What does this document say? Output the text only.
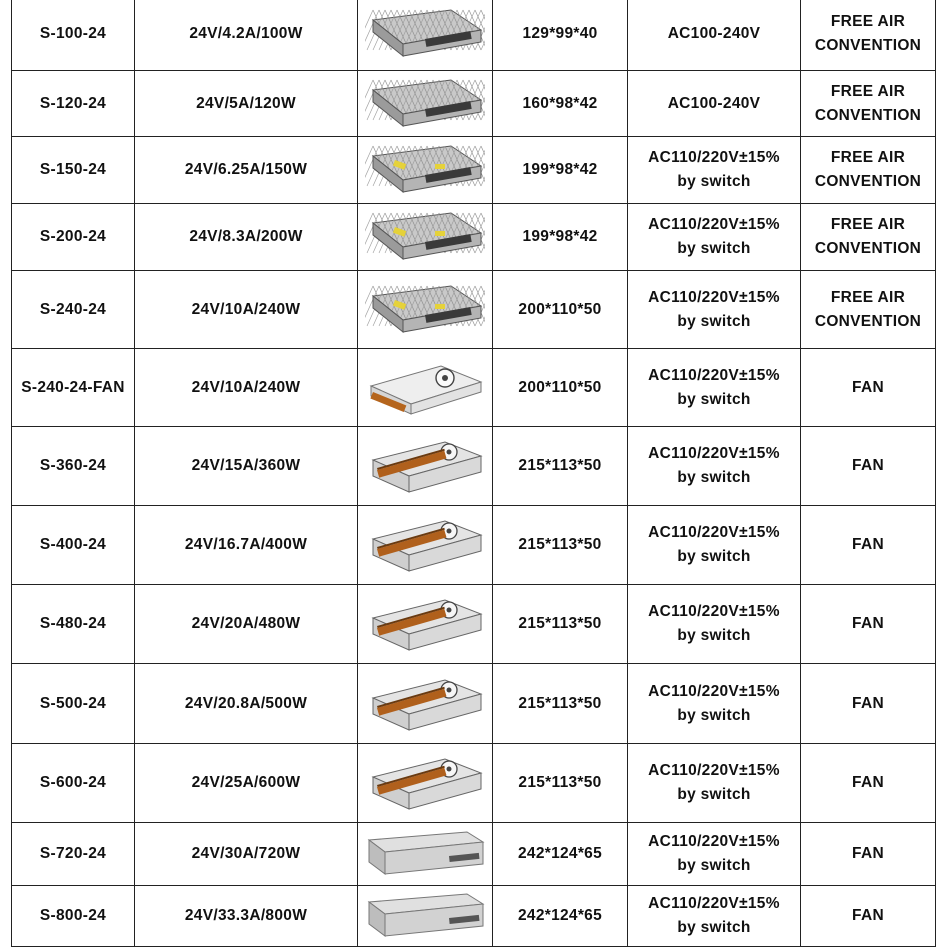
S-100-24	24V/4.2A/100W		129*99*40	AC100-240V	FREE AIR
CONVENTION

S-120-24	24V/5A/120W		160*98*42	AC100-240V	FREE AIR
CONVENTION

S-150-24	24V/6.25A/150W		199*98*42	AC110/220V±15%
by switch	FREE AIR
CONVENTION

S-200-24	24V/8.3A/200W		199*98*42	AC110/220V±15%
by switch	FREE AIR
CONVENTION

S-240-24	24V/10A/240W		200*110*50	AC110/220V±15%
by switch	FREE AIR
CONVENTION

S-240-24-FAN	24V/10A/240W		200*110*50	AC110/220V±15%
by switch	FAN

S-360-24	24V/15A/360W		215*113*50	AC110/220V±15%
by switch	FAN

S-400-24	24V/16.7A/400W		215*113*50	AC110/220V±15%
by switch	FAN

S-480-24	24V/20A/480W		215*113*50	AC110/220V±15%
by switch	FAN

S-500-24	24V/20.8A/500W		215*113*50	AC110/220V±15%
by switch	FAN

S-600-24	24V/25A/600W		215*113*50	AC110/220V±15%
by switch	FAN

S-720-24	24V/30A/720W		242*124*65	AC110/220V±15%
by switch	FAN

S-800-24	24V/33.3A/800W		242*124*65	AC110/220V±15%
by switch	FAN
